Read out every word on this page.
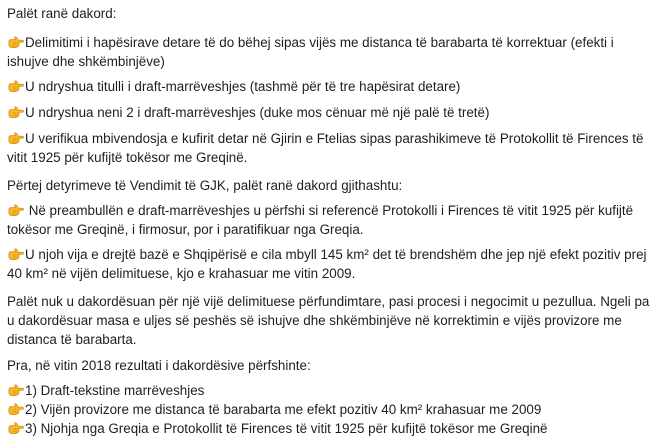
Palët ranë dakord:
Delimitimi i hapësirave detare të do bëhej sipas vijës me distanca të barabarta të korrektuar (efekti i ishujve dhe shkëmbinjëve)
U ndryshua titulli i draft-marrëveshjes (tashmë për të tre hapësirat detare)
U ndryshua neni 2 i draft-marrëveshjes (duke mos cënuar më një palë të tretë)
U verifikua mbivendosja e kufirit detar në Gjirin e Ftelias sipas parashikimeve të Protokollit të Firences të vitit 1925 për kufijtë tokësor me Greqinë.
Përtej detyrimeve të Vendimit të GJK, palët ranë dakord gjithashtu:
Në preambullën e draft-marrëveshjes u përfshi si referencë Protokolli i Firences të vitit 1925 për kufijtë tokësor me Greqinë, i firmosur, por i paratifikuar nga Greqia.
U njoh vija e drejtë bazë e Shqipërisë e cila mbyll 145 km² det të brendshëm dhe jep një efekt pozitiv prej 40 km² në vijën delimituese, kjo e krahasuar me vitin 2009.
Palët nuk u dakordësuan për një vijë delimituese përfundimtare, pasi procesi i negocimit u pezullua. Ngeli pa u dakordësuar masa e uljes së peshës së ishujve dhe shkëmbinjëve në korrektimin e vijës provizore me distanca të barabarta.
Pra, në vitin 2018 rezultati i dakordësive përfshinte:
1) Draft-tekstine marrëveshjes
2) Vijën provizore me distanca të barabarta me efekt pozitiv 40 km² krahasuar me 2009
3) Njohja nga Greqia e Protokollit të Firences të vitit 1925 për kufijtë tokësor me Greqinë
